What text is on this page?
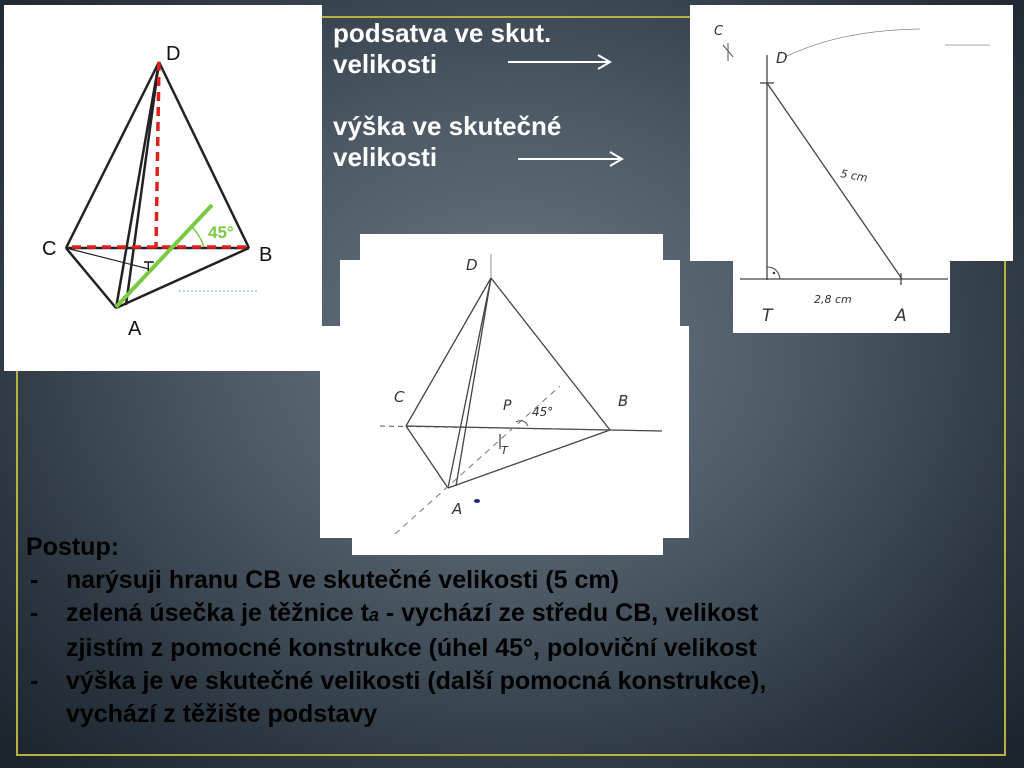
D
C	B
A
T
45°
podsatva ve skut.
velikosti
výška ve skutečné
velikosti
D
C	B
A
P
T
45°
C
D
T	A
5 cm
2,8 cm
Postup:
- narýsuji hranu CB ve skutečné velikosti (5 cm)
- zelená úsečka je těžnice ta - vychází ze středu CB, velikost
zjistím z pomocné konstrukce (úhel 45°, poloviční velikost
- výška je ve skutečné velikosti (další pomocná konstrukce),
vychází z těžište podstavy
